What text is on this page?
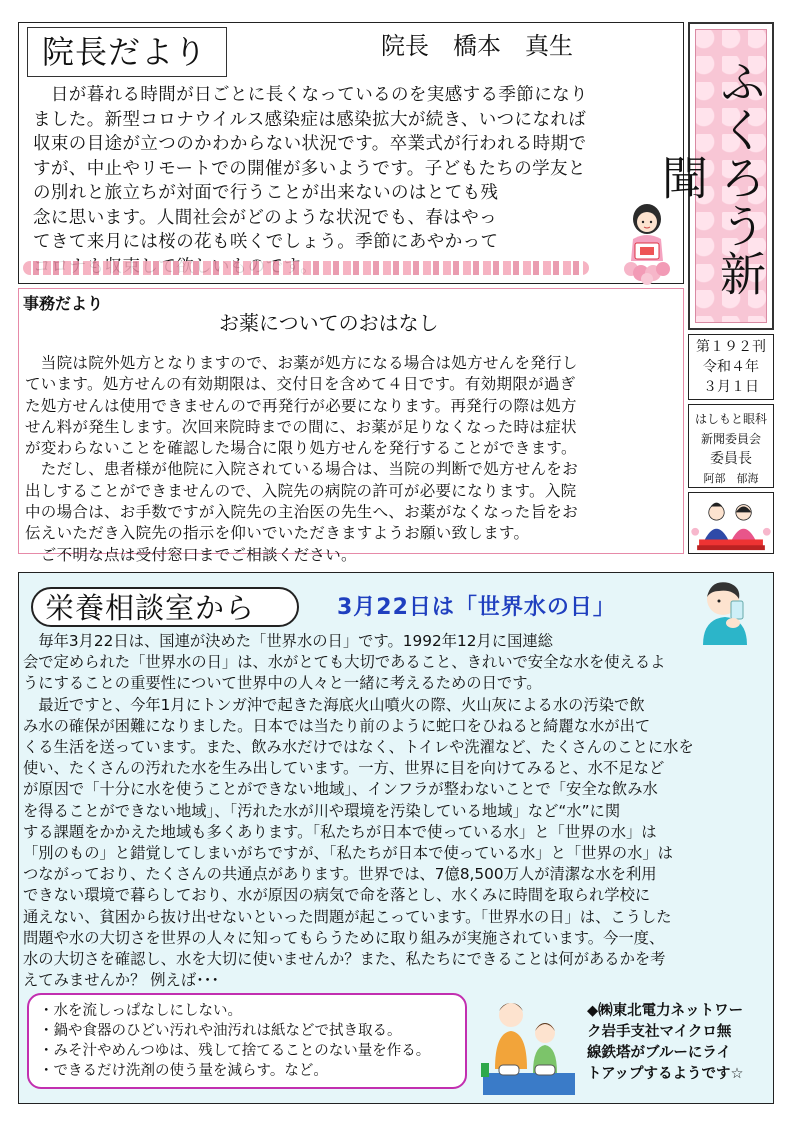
院長だより	院長　橋本　真生

　日が暮れる時間が日ごとに長くなっているのを実感する季節になり

ました。新型コロナウイルス感染症は感染拡大が続き、いつになれば

収束の目途が立つのかわからない状況です。卒業式が行われる時期で

すが、中止やリモートでの開催が多いようです。子どもたちの学友と

の別れと旅立ちが対面で行うことが出来ないのはとても残

念に思います。人間社会がどのような状況でも、春はやっ

てきて来月には桜の花も咲くでしょう。季節にあやかって	ふくろう新聞
第１９２刊
令和４年
３月１日
はしもと眼科
新聞委員会
委員長
阿部　郁海
事務だより
お薬についてのおはなし

　当院は院外処方となりますので、お薬が処方になる場合は処方せんを発行し

ています。処方せんの有効期限は、交付日を含めて４日です。有効期限が過ぎ

た処方せんは使用できませんので再発行が必要になります。再発行の際は処方

せん料が発生します。次回来院時までの間に、お薬が足りなくなった時は症状

が変わらないことを確認した場合に限り処方せんを発行することができます。

　ただし、患者様が他院に入院されている場合は、当院の判断で処方せんをお

出しすることができませんので、入院先の病院の許可が必要になります。入院

中の場合は、お手数ですが入院先の主治医の先生へ、お薬がなくなった旨をお

伝えいただき入院先の指示を仰いでいただきますようお願い致します。

　ご不明な点は受付窓口までご相談ください。

栄養相談室から	3月22日は「世界水の日」

　毎年3月22日は、国連が決めた「世界水の日」です。1992年12月に国連総

会で定められた「世界水の日」は、水がとても大切であること、きれいで安全な水を使えるよ

うにすることの重要性について世界中の人々と一緒に考えるための日です。

　最近ですと、今年1月にトンガ沖で起きた海底火山噴火の際、火山灰による水の汚染で飲

み水の確保が困難になりました。日本では当たり前のように蛇口をひねると綺麗な水が出て

くる生活を送っています。また、飲み水だけではなく、トイレや洗濯など、たくさんのことに水を

使い、たくさんの汚れた水を生み出しています。一方、世界に目を向けてみると、水不足など

が原因で「十分に水を使うことができない地域」、インフラが整わないことで「安全な飲み水

を得ることができない地域」、「汚れた水が川や環境を汚染している地域」など“水”に関

する課題をかかえた地域も多くあります。「私たちが日本で使っている水」と「世界の水」は

「別のもの」と錯覚してしまいがちですが、「私たちが日本で使っている水」と「世界の水」は

つながっており、たくさんの共通点があります。世界では、7億8,500万人が清潔な水を利用

できない環境で暮らしており、水が原因の病気で命を落とし、水くみに時間を取られ学校に

通えない、貧困から抜け出せないといった問題が起こっています。「世界水の日」は、こうした

問題や水の大切さを世界の人々に知ってもらうために取り組みが実施されています。今一度、

水の大切さを確認し、水を大切に使いませんか？また、私たちにできることは何があるかを考

えてみませんか？ 例えば･･･

・水を流しっぱなしにしない。

・鍋や食器のひどい汚れや油汚れは紙などで拭き取る。

・みそ汁やめんつゆは、残して捨てることのない量を作る。

・できるだけ洗剤の使う量を減らす。など。

◆㈱東北電力ネットワー

ク岩手支社マイクロ無

線鉄塔がブルーにライ

トアップするようです☆
